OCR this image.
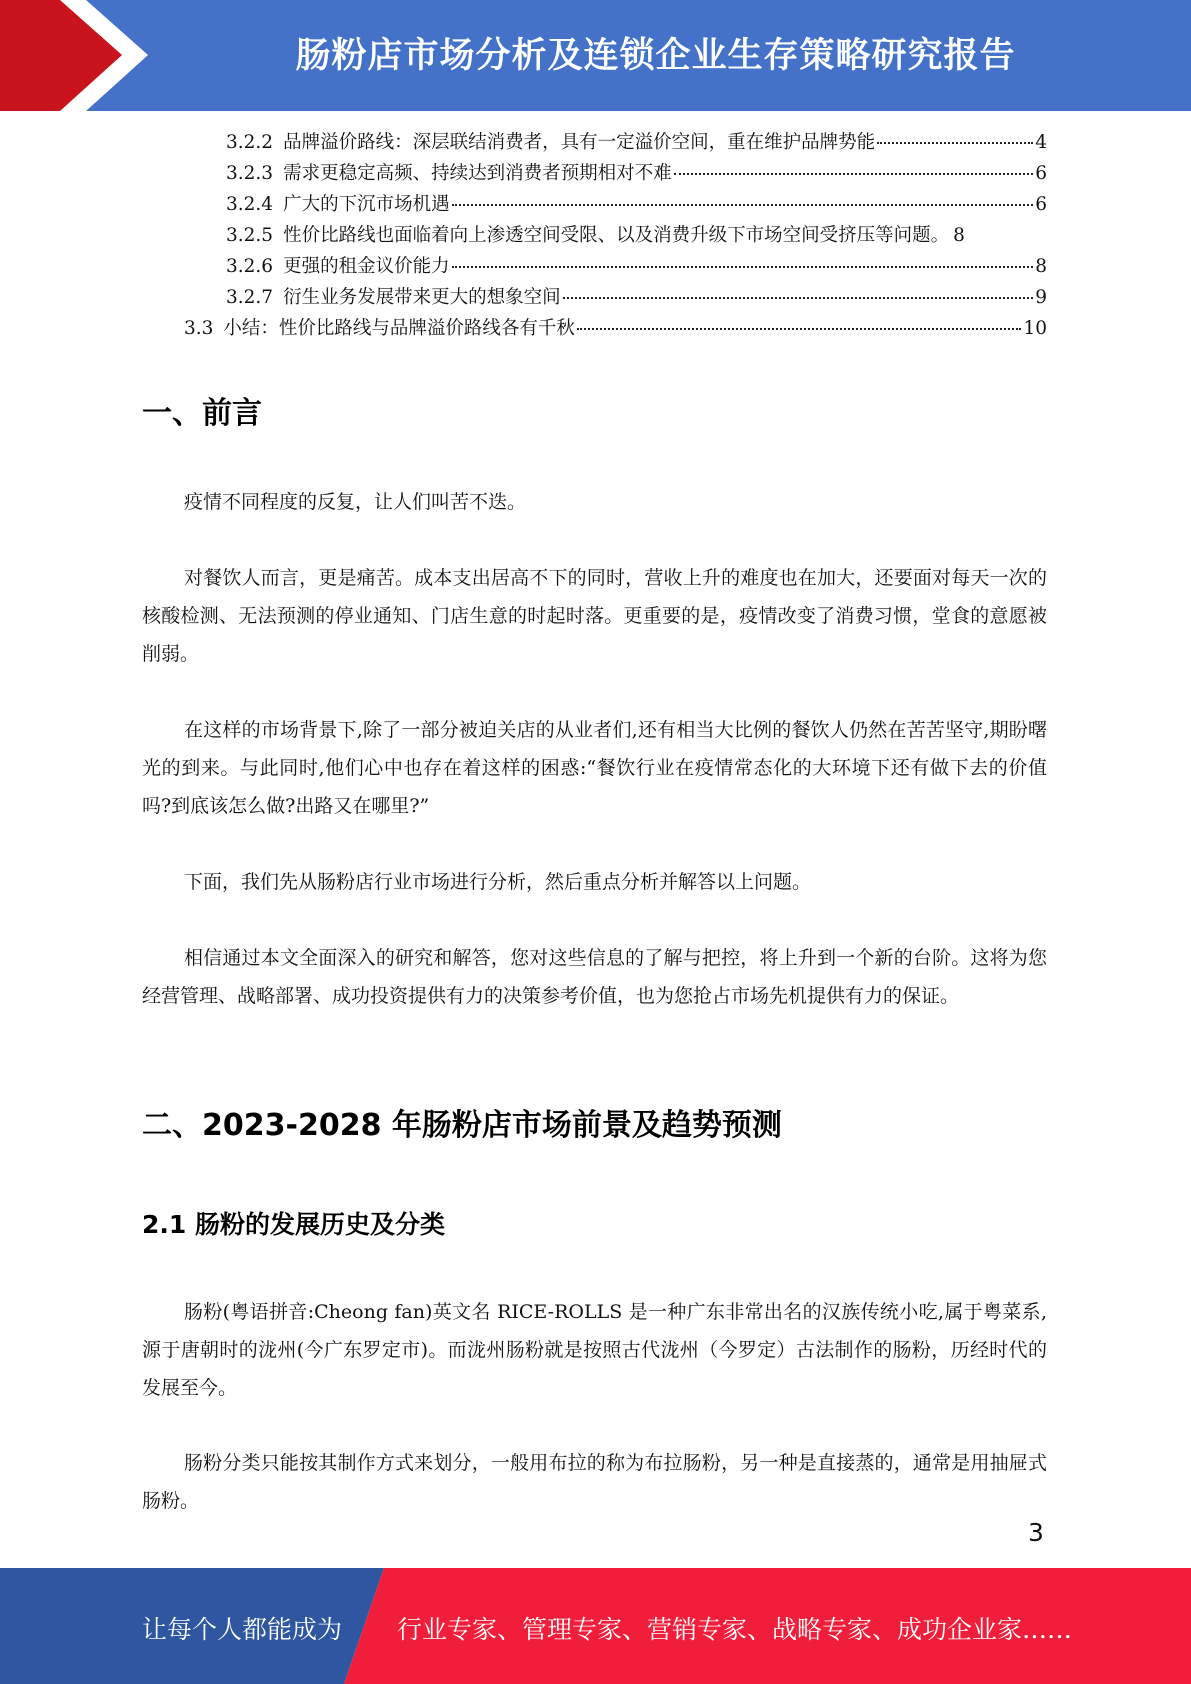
肠粉店市场分析及连锁企业生存策略研究报告
3.2.2 品牌溢价路线：深层联结消费者，具有一定溢价空间，重在维护品牌势能	4
3.2.3 需求更稳定高频、持续达到消费者预期相对不难	6
3.2.4 广大的下沉市场机遇	6
3.2.5 性价比路线也面临着向上渗透空间受限、以及消费升级下市场空间受挤压等问题。 8
3.2.6 更强的租金议价能力	8
3.2.7 衍生业务发展带来更大的想象空间	9
3.3 小结：性价比路线与品牌溢价路线各有千秋	10
一、前言

疫情不同程度的反复，让人们叫苦不迭。

对餐饮人而言，更是痛苦。成本支出居高不下的同时，营收上升的难度也在加大，还要面对每天一次的核酸检测、无法预测的停业通知、门店生意的时起时落。更重要的是，疫情改变了消费习惯，堂食的意愿被削弱。

在这样的市场背景下,除了一部分被迫关店的从业者们,还有相当大比例的餐饮人仍然在苦苦坚守,期盼曙光的到来。与此同时,他们心中也存在着这样的困惑:“餐饮行业在疫情常态化的大环境下还有做下去的价值吗?到底该怎么做?出路又在哪里?”

下面，我们先从肠粉店行业市场进行分析，然后重点分析并解答以上问题。

相信通过本文全面深入的研究和解答，您对这些信息的了解与把控，将上升到一个新的台阶。这将为您经营管理、战略部署、成功投资提供有力的决策参考价值，也为您抢占市场先机提供有力的保证。

二、2023-2028 年肠粉店市场前景及趋势预测
2.1 肠粉的发展历史及分类

肠粉(粤语拼音:Cheong fan)英文名 RICE-ROLLS 是一种广东非常出名的汉族传统小吃,属于粤菜系,源于唐朝时的泷州(今广东罗定市)。而泷州肠粉就是按照古代泷州（今罗定）古法制作的肠粉，历经时代的发展至今。

肠粉分类只能按其制作方式来划分，一般用布拉的称为布拉肠粉，另一种是直接蒸的，通常是用抽屉式肠粉。

3
让每个人都能成为 行业专家、管理专家、营销专家、战略专家、成功企业家……
